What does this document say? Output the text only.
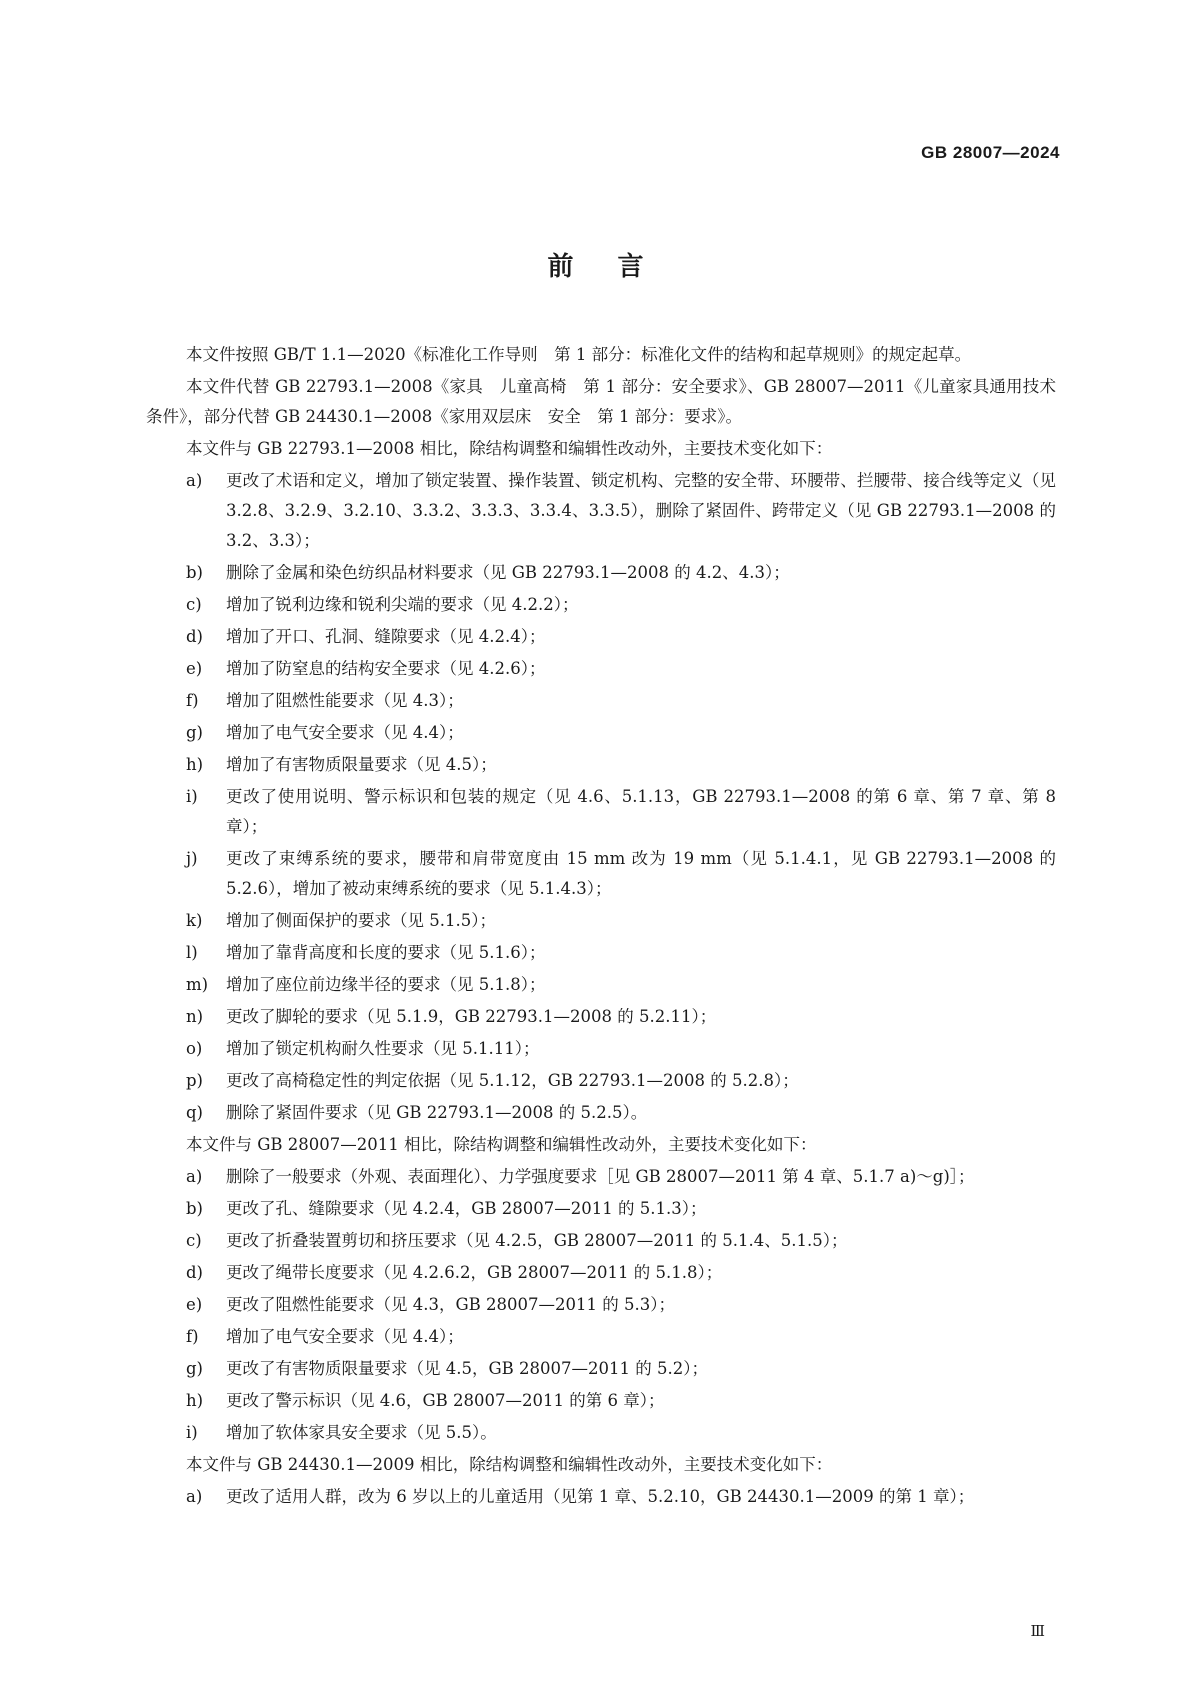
GB 28007—2024
前言

本文件按照 GB/T 1.1—2020《标准化工作导则　第 1 部分：标准化文件的结构和起草规则》的规定起草。

本文件代替 GB 22793.1—2008《家具　儿童高椅　第 1 部分：安全要求》、GB 28007—2011《儿童家具通用技术条件》，部分代替 GB 24430.1—2008《家用双层床　安全　第 1 部分：要求》。

本文件与 GB 22793.1—2008 相比，除结构调整和编辑性改动外，主要技术变化如下：

a)	更改了术语和定义，增加了锁定装置、操作装置、锁定机构、完整的安全带、环腰带、拦腰带、接合线等定义（见 3.2.8、3.2.9、3.2.10、3.3.2、3.3.3、3.3.4、3.3.5），删除了紧固件、跨带定义（见 GB 22793.1—2008 的 3.2、3.3）；
b)	删除了金属和染色纺织品材料要求（见 GB 22793.1—2008 的 4.2、4.3）；
c)	增加了锐利边缘和锐利尖端的要求（见 4.2.2）；
d)	增加了开口、孔洞、缝隙要求（见 4.2.4）；
e)	增加了防窒息的结构安全要求（见 4.2.6）；
f)	增加了阻燃性能要求（见 4.3）；
g)	增加了电气安全要求（见 4.4）；
h)	增加了有害物质限量要求（见 4.5）；
i)	更改了使用说明、警示标识和包装的规定（见 4.6、5.1.13，GB 22793.1—2008 的第 6 章、第 7 章、第 8 章）；
j)	更改了束缚系统的要求，腰带和肩带宽度由 15 mm 改为 19 mm（见 5.1.4.1，见 GB 22793.1—2008 的 5.2.6），增加了被动束缚系统的要求（见 5.1.4.3）；
k)	增加了侧面保护的要求（见 5.1.5）；
l)	增加了靠背高度和长度的要求（见 5.1.6）；
m)	增加了座位前边缘半径的要求（见 5.1.8）；
n)	更改了脚轮的要求（见 5.1.9，GB 22793.1—2008 的 5.2.11）；
o)	增加了锁定机构耐久性要求（见 5.1.11）；
p)	更改了高椅稳定性的判定依据（见 5.1.12，GB 22793.1—2008 的 5.2.8）；
q)	删除了紧固件要求（见 GB 22793.1—2008 的 5.2.5）。

本文件与 GB 28007—2011 相比，除结构调整和编辑性改动外，主要技术变化如下：

a)	删除了一般要求（外观、表面理化）、力学强度要求［见 GB 28007—2011 第 4 章、5.1.7 a)～g)］；
b)	更改了孔、缝隙要求（见 4.2.4，GB 28007—2011 的 5.1.3）；
c)	更改了折叠装置剪切和挤压要求（见 4.2.5，GB 28007—2011 的 5.1.4、5.1.5）；
d)	更改了绳带长度要求（见 4.2.6.2，GB 28007—2011 的 5.1.8）；
e)	更改了阻燃性能要求（见 4.3，GB 28007—2011 的 5.3）；
f)	增加了电气安全要求（见 4.4）；
g)	更改了有害物质限量要求（见 4.5，GB 28007—2011 的 5.2）；
h)	更改了警示标识（见 4.6，GB 28007—2011 的第 6 章）；
i)	增加了软体家具安全要求（见 5.5）。

本文件与 GB 24430.1—2009 相比，除结构调整和编辑性改动外，主要技术变化如下：

a)	更改了适用人群，改为 6 岁以上的儿童适用（见第 1 章、5.2.10，GB 24430.1—2009 的第 1 章）；
Ⅲ
